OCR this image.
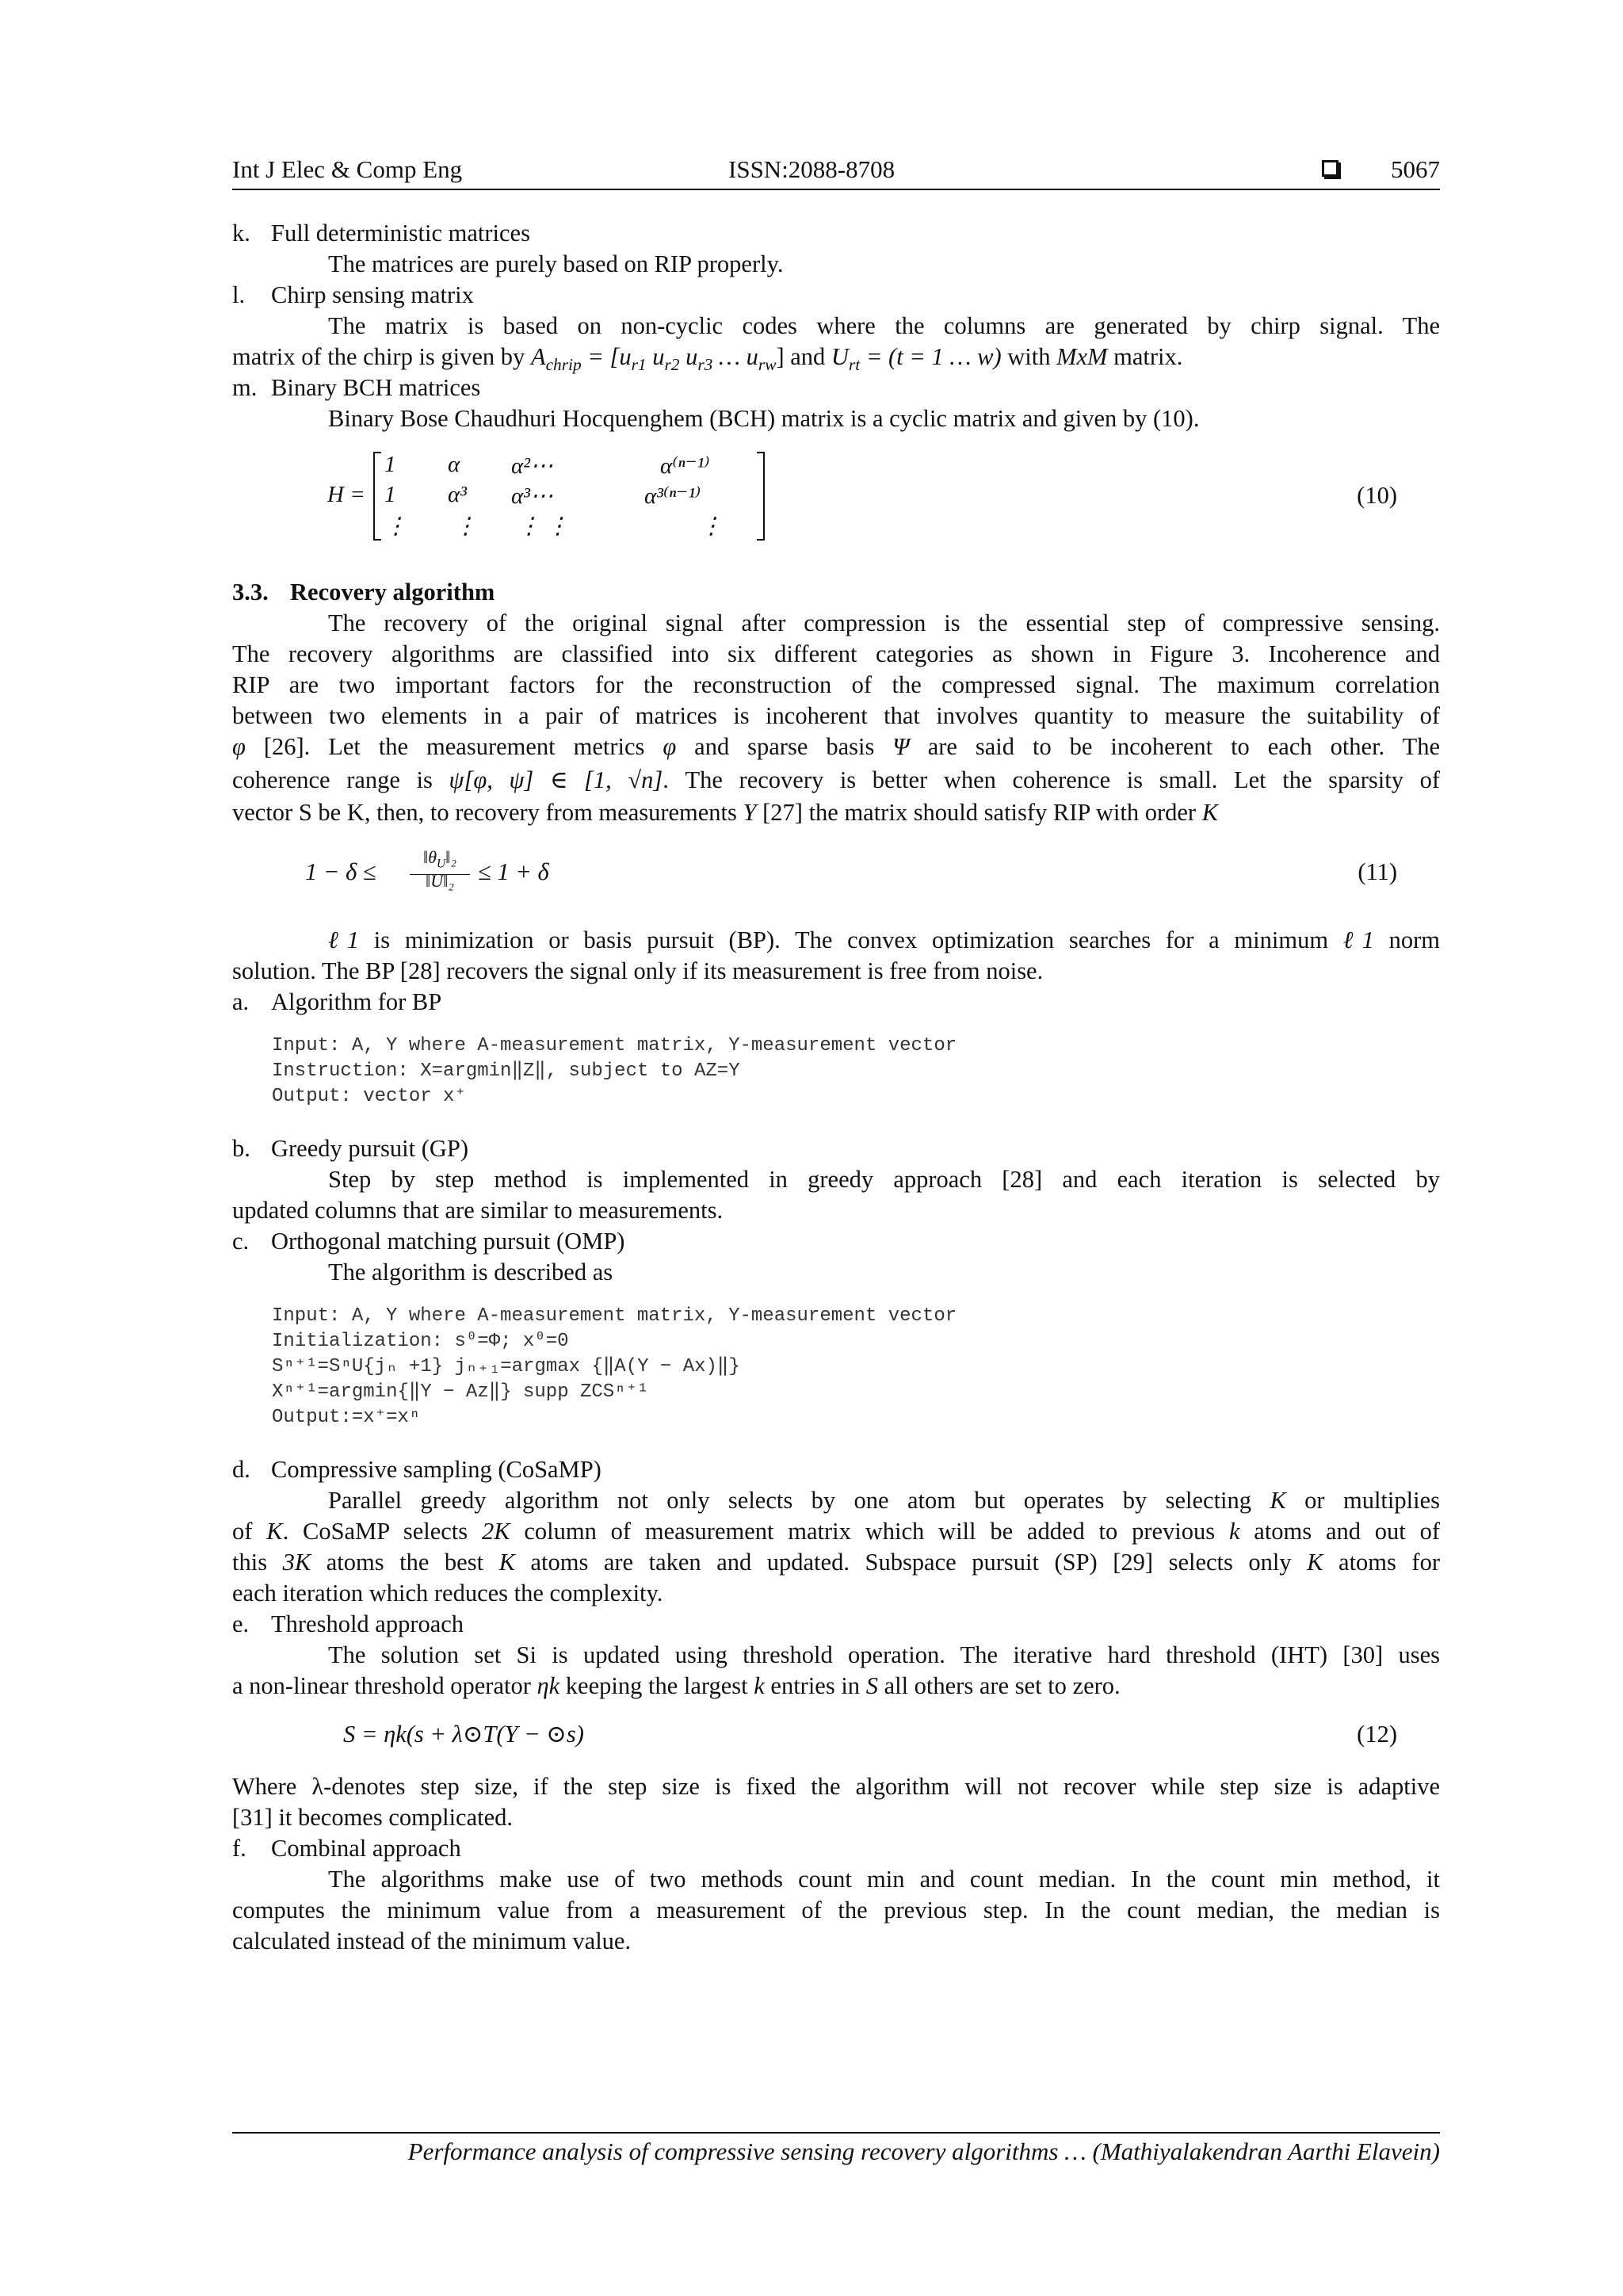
Int J Elec & Comp Eng	ISSN:2088-8708	5067
k. Full deterministic matrices
The matrices are purely based on RIP properly.
l. Chirp sensing matrix
The matrix is based on non-cyclic codes where the columns are generated by chirp signal. The
matrix of the chirp is given by $A_{chrip} = [u_{r1}$ $u_{r2}$ $u_{r3}$ … $u_{rw}$] and $U_{rt} = (t = 1$ … w) with MxM matrix.
m. Binary BCH matrices
Binary Bose Chaudhuri Hocquenghem (BCH) matrix is a cyclic matrix and given by (10).
H =
1 α α²⋯	α⁽ⁿ⁻¹⁾
1 α³ α³⋯	α³⁽ⁿ⁻¹⁾
⋮ ⋮ ⋮ ⋮	⋮
(10)
3.3. Recovery algorithm
The recovery of the original signal after compression is the essential step of compressive sensing.
The recovery algorithms are classified into six different categories as shown in Figure 3. Incoherence and
RIP are two important factors for the reconstruction of the compressed signal. The maximum correlation
between two elements in a pair of matrices is incoherent that involves quantity to measure the suitability of
φ [26]. Let the measurement metrics φ and sparse basis Ψ are said to be incoherent to each other. The
coherence range is ψ[φ, ψ] ∈ [1, √n]. The recovery is better when coherence is small. Let the sparsity of
vector S be K, then, to recovery from measurements Y [27] the matrix should satisfy RIP with order K
1 − δ ≤
$‖\theta_U‖_2$
‖U‖₂ ≤ 1 + δ	(11)
ℓ1 is minimization or basis pursuit (BP). The convex optimization searches for a minimum ℓ1 norm
solution. The BP [28] recovers the signal only if its measurement is free from noise.
a. Algorithm for BP
Input: A, Y where A-measurement matrix, Y-measurement vector
Instruction: X=argmin‖Z‖, subject to AZ=Y
Output: vector x⁺
b. Greedy pursuit (GP)
Step by step method is implemented in greedy approach [28] and each iteration is selected by
updated columns that are similar to measurements.
c. Orthogonal matching pursuit (OMP)
The algorithm is described as
Input: A, Y where A-measurement matrix, Y-measurement vector
Initialization: s⁰=Φ; x⁰=0
Sⁿ⁺¹=SⁿU{jₙ +1} jₙ₊₁=argmax {‖A(Y − Ax)‖}
Xⁿ⁺¹=argmin{‖Y − Az‖} supp ZCSⁿ⁺¹
Output:=x⁺=xⁿ
d. Compressive sampling (CoSaMP)
Parallel greedy algorithm not only selects by one atom but operates by selecting K or multiplies
of K. CoSaMP selects 2K column of measurement matrix which will be added to previous k atoms and out of
this 3K atoms the best K atoms are taken and updated. Subspace pursuit (SP) [29] selects only K atoms for
each iteration which reduces the complexity.
e. Threshold approach
The solution set Si is updated using threshold operation. The iterative hard threshold (IHT) [30] uses
a non-linear threshold operator ηk keeping the largest k entries in S all others are set to zero.
S = ηk(s + λ⊙T(Y − ⊙s)	(12)
Where λ-denotes step size, if the step size is fixed the algorithm will not recover while step size is adaptive
[31] it becomes complicated.
f. Combinal approach
The algorithms make use of two methods count min and count median. In the count min method, it
computes the minimum value from a measurement of the previous step. In the count median, the median is
calculated instead of the minimum value.
Performance analysis of compressive sensing recovery algorithms … (Mathiyalakendran Aarthi Elavein)
